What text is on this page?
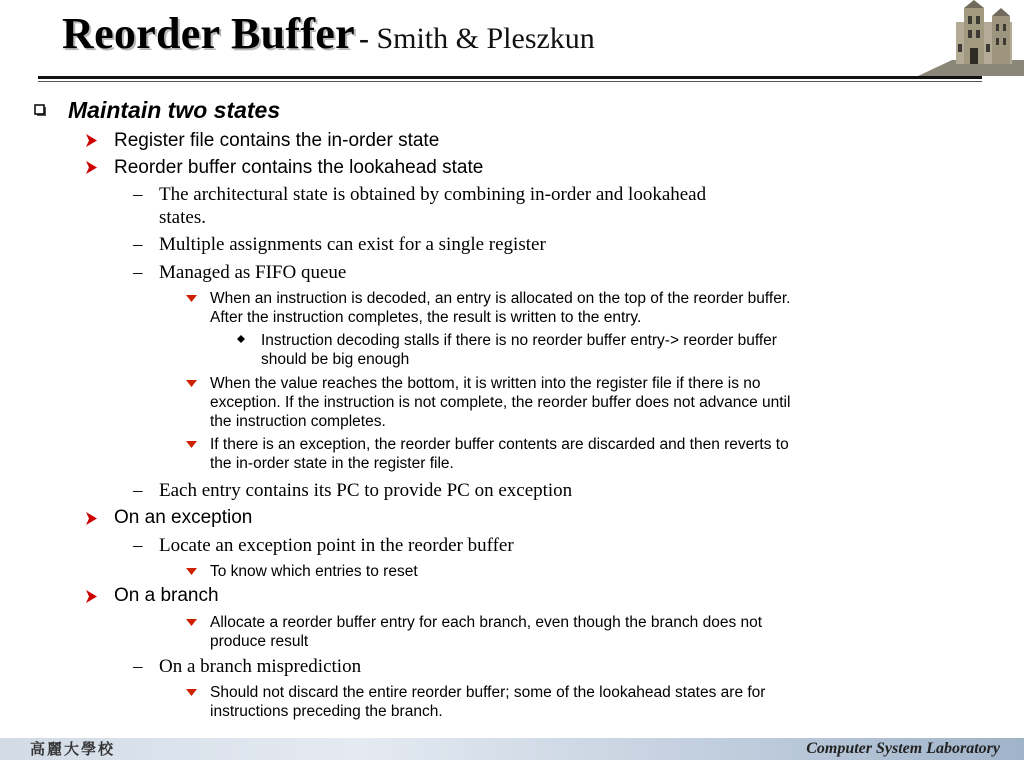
Reorder Buffer - Smith & Pleszkun
Maintain two states
Register file contains the in-order state
Reorder buffer contains the lookahead state
– The architectural state is obtained by combining in-order and lookahead
states.
– Multiple assignments can exist for a single register
– Managed as FIFO queue
When an instruction is decoded, an entry is allocated on the top of the reorder buffer.
After the instruction completes, the result is written to the entry.
Instruction decoding stalls if there is no reorder buffer entry-> reorder buffer
should be big enough
When the value reaches the bottom, it is written into the register file if there is no
exception. If the instruction is not complete, the reorder buffer does not advance until
the instruction completes.
If there is an exception, the reorder buffer contents are discarded and then reverts to
the in-order state in the register file.
– Each entry contains its PC to provide PC on exception
On an exception
– Locate an exception point in the reorder buffer
To know which entries to reset
On a branch
Allocate a reorder buffer entry for each branch, even though the branch does not
produce result
– On a branch misprediction
Should not discard the entire reorder buffer; some of the lookahead states are for
instructions preceding the branch.
高麗大學校	Computer System Laboratory
